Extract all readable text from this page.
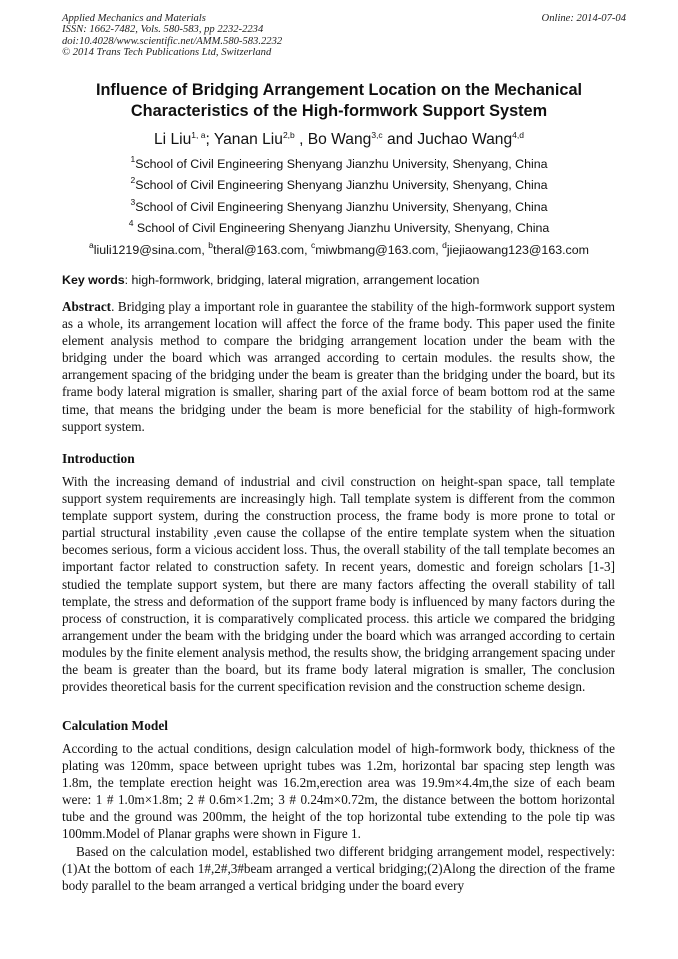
Applied Mechanics and Materials
ISSN: 1662-7482, Vols. 580-583, pp 2232-2234
doi:10.4028/www.scientific.net/AMM.580-583.2232
© 2014 Trans Tech Publications Ltd, Switzerland
Online: 2014-07-04
Influence of Bridging Arrangement Location on the Mechanical
Characteristics of the High-formwork Support System
Li Liu$^{1, a}$; Yanan Liu$^{2,b}$ , Bo Wang$^{3,c}$ and Juchao Wang$^{4,d}$
$^1$School of Civil Engineering Shenyang Jianzhu University, Shenyang, China
$^2$School of Civil Engineering Shenyang Jianzhu University, Shenyang, China
$^3$School of Civil Engineering Shenyang Jianzhu University, Shenyang, China
$^4$ School of Civil Engineering Shenyang Jianzhu University, Shenyang, China
$^a$liuli1219@sina.com, $^b$theral@163.com, $^c$miwbmang@163.com, $^d$jiejiaowang123@163.com
Key words: high-formwork, bridging, lateral migration, arrangement location

Abstract. Bridging play a important role in guarantee the stability of the high-formwork support system as a whole, its arrangement location will affect the force of the frame body. This paper used the finite element analysis method to compare the bridging arrangement location under the beam with the bridging under the board which was arranged according to certain modules. the results show, the arrangement spacing of the bridging under the beam is greater than the bridging under the board, but its frame body lateral migration is smaller, sharing part of the axial force of beam bottom rod at the same time, that means the bridging under the beam is more beneficial for the stability of high-formwork support system.

Introduction

With the increasing demand of industrial and civil construction on height-span space, tall template support system requirements are increasingly high. Tall template system is different from the common template support system, during the construction process, the frame body is more prone to total or partial structural instability ,even cause the collapse of the entire template system when the situation becomes serious, form a vicious accident loss. Thus, the overall stability of the tall template becomes an important factor related to construction safety. In recent years, domestic and foreign scholars [1-3] studied the template support system, but there are many factors affecting the overall stability of tall template, the stress and deformation of the support frame body is influenced by many factors during the process of construction, it is comparatively complicated process. this article we compared the bridging arrangement under the beam with the bridging under the board which was arranged according to certain modules by the finite element analysis method, the results show, the bridging arrangement spacing under the beam is greater than the board, but its frame body lateral migration is smaller, The conclusion provides theoretical basis for the current specification revision and the construction scheme design.

Calculation Model

According to the actual conditions, design calculation model of high-formwork body, thickness of the plating was 120mm, space between upright tubes was 1.2m, horizontal bar spacing step length was 1.8m, the template erection height was 16.2m,erection area was 19.9m×4.4m,the size of each beam were: 1 # 1.0m×1.8m; 2 # 0.6m×1.2m; 3 # 0.24m×0.72m, the distance between the bottom horizontal tube and the ground was 200mm, the height of the top horizontal tube extending to the pole tip was 100mm.Model of Planar graphs were shown in Figure 1.

Based on the calculation model, established two different bridging arrangement model, respectively: (1)At the bottom of each 1#,2#,3#beam arranged a vertical bridging;(2)Along the direction of the frame body parallel to the beam arranged a vertical bridging under the board every
